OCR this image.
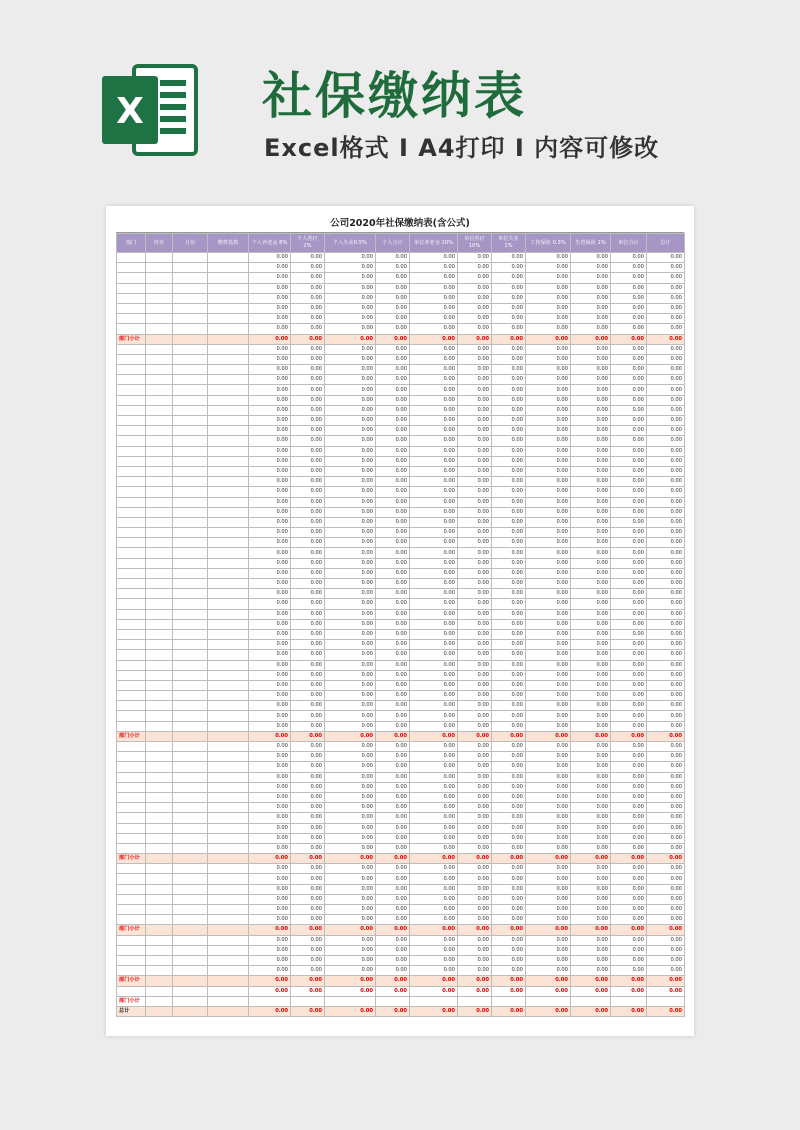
X 社保缴纳表
Excel格式 Ⅰ A4打印 Ⅰ 内容可修改
公司2020年社保缴纳表(含公式)
部门	姓名	月份	缴费基数	个人养老金 8%	个人医疗 2%	个人失业0.5%	个人合计	单位养老金 20%	单位医疗 10%	单位失业 1%	工伤保险 0.3%	生育保险 1%	单位合计	总计
				0.00	0.00	0.00	0.00	0.00	0.00	0.00	0.00	0.00	0.00	0.00
				0.00	0.00	0.00	0.00	0.00	0.00	0.00	0.00	0.00	0.00	0.00
				0.00	0.00	0.00	0.00	0.00	0.00	0.00	0.00	0.00	0.00	0.00
				0.00	0.00	0.00	0.00	0.00	0.00	0.00	0.00	0.00	0.00	0.00
				0.00	0.00	0.00	0.00	0.00	0.00	0.00	0.00	0.00	0.00	0.00
				0.00	0.00	0.00	0.00	0.00	0.00	0.00	0.00	0.00	0.00	0.00
				0.00	0.00	0.00	0.00	0.00	0.00	0.00	0.00	0.00	0.00	0.00
				0.00	0.00	0.00	0.00	0.00	0.00	0.00	0.00	0.00	0.00	0.00
部门小计				0.00	0.00	0.00	0.00	0.00	0.00	0.00	0.00	0.00	0.00	0.00
				0.00	0.00	0.00	0.00	0.00	0.00	0.00	0.00	0.00	0.00	0.00
				0.00	0.00	0.00	0.00	0.00	0.00	0.00	0.00	0.00	0.00	0.00
				0.00	0.00	0.00	0.00	0.00	0.00	0.00	0.00	0.00	0.00	0.00
				0.00	0.00	0.00	0.00	0.00	0.00	0.00	0.00	0.00	0.00	0.00
				0.00	0.00	0.00	0.00	0.00	0.00	0.00	0.00	0.00	0.00	0.00
				0.00	0.00	0.00	0.00	0.00	0.00	0.00	0.00	0.00	0.00	0.00
				0.00	0.00	0.00	0.00	0.00	0.00	0.00	0.00	0.00	0.00	0.00
				0.00	0.00	0.00	0.00	0.00	0.00	0.00	0.00	0.00	0.00	0.00
				0.00	0.00	0.00	0.00	0.00	0.00	0.00	0.00	0.00	0.00	0.00
				0.00	0.00	0.00	0.00	0.00	0.00	0.00	0.00	0.00	0.00	0.00
				0.00	0.00	0.00	0.00	0.00	0.00	0.00	0.00	0.00	0.00	0.00
				0.00	0.00	0.00	0.00	0.00	0.00	0.00	0.00	0.00	0.00	0.00
				0.00	0.00	0.00	0.00	0.00	0.00	0.00	0.00	0.00	0.00	0.00
				0.00	0.00	0.00	0.00	0.00	0.00	0.00	0.00	0.00	0.00	0.00
				0.00	0.00	0.00	0.00	0.00	0.00	0.00	0.00	0.00	0.00	0.00
				0.00	0.00	0.00	0.00	0.00	0.00	0.00	0.00	0.00	0.00	0.00
				0.00	0.00	0.00	0.00	0.00	0.00	0.00	0.00	0.00	0.00	0.00
				0.00	0.00	0.00	0.00	0.00	0.00	0.00	0.00	0.00	0.00	0.00
				0.00	0.00	0.00	0.00	0.00	0.00	0.00	0.00	0.00	0.00	0.00
				0.00	0.00	0.00	0.00	0.00	0.00	0.00	0.00	0.00	0.00	0.00
				0.00	0.00	0.00	0.00	0.00	0.00	0.00	0.00	0.00	0.00	0.00
				0.00	0.00	0.00	0.00	0.00	0.00	0.00	0.00	0.00	0.00	0.00
				0.00	0.00	0.00	0.00	0.00	0.00	0.00	0.00	0.00	0.00	0.00
				0.00	0.00	0.00	0.00	0.00	0.00	0.00	0.00	0.00	0.00	0.00
				0.00	0.00	0.00	0.00	0.00	0.00	0.00	0.00	0.00	0.00	0.00
				0.00	0.00	0.00	0.00	0.00	0.00	0.00	0.00	0.00	0.00	0.00
				0.00	0.00	0.00	0.00	0.00	0.00	0.00	0.00	0.00	0.00	0.00
				0.00	0.00	0.00	0.00	0.00	0.00	0.00	0.00	0.00	0.00	0.00
				0.00	0.00	0.00	0.00	0.00	0.00	0.00	0.00	0.00	0.00	0.00
				0.00	0.00	0.00	0.00	0.00	0.00	0.00	0.00	0.00	0.00	0.00
				0.00	0.00	0.00	0.00	0.00	0.00	0.00	0.00	0.00	0.00	0.00
				0.00	0.00	0.00	0.00	0.00	0.00	0.00	0.00	0.00	0.00	0.00
				0.00	0.00	0.00	0.00	0.00	0.00	0.00	0.00	0.00	0.00	0.00
				0.00	0.00	0.00	0.00	0.00	0.00	0.00	0.00	0.00	0.00	0.00
				0.00	0.00	0.00	0.00	0.00	0.00	0.00	0.00	0.00	0.00	0.00
				0.00	0.00	0.00	0.00	0.00	0.00	0.00	0.00	0.00	0.00	0.00
				0.00	0.00	0.00	0.00	0.00	0.00	0.00	0.00	0.00	0.00	0.00
				0.00	0.00	0.00	0.00	0.00	0.00	0.00	0.00	0.00	0.00	0.00
部门小计				0.00	0.00	0.00	0.00	0.00	0.00	0.00	0.00	0.00	0.00	0.00
				0.00	0.00	0.00	0.00	0.00	0.00	0.00	0.00	0.00	0.00	0.00
				0.00	0.00	0.00	0.00	0.00	0.00	0.00	0.00	0.00	0.00	0.00
				0.00	0.00	0.00	0.00	0.00	0.00	0.00	0.00	0.00	0.00	0.00
				0.00	0.00	0.00	0.00	0.00	0.00	0.00	0.00	0.00	0.00	0.00
				0.00	0.00	0.00	0.00	0.00	0.00	0.00	0.00	0.00	0.00	0.00
				0.00	0.00	0.00	0.00	0.00	0.00	0.00	0.00	0.00	0.00	0.00
				0.00	0.00	0.00	0.00	0.00	0.00	0.00	0.00	0.00	0.00	0.00
				0.00	0.00	0.00	0.00	0.00	0.00	0.00	0.00	0.00	0.00	0.00
				0.00	0.00	0.00	0.00	0.00	0.00	0.00	0.00	0.00	0.00	0.00
				0.00	0.00	0.00	0.00	0.00	0.00	0.00	0.00	0.00	0.00	0.00
				0.00	0.00	0.00	0.00	0.00	0.00	0.00	0.00	0.00	0.00	0.00
部门小计				0.00	0.00	0.00	0.00	0.00	0.00	0.00	0.00	0.00	0.00	0.00
				0.00	0.00	0.00	0.00	0.00	0.00	0.00	0.00	0.00	0.00	0.00
				0.00	0.00	0.00	0.00	0.00	0.00	0.00	0.00	0.00	0.00	0.00
				0.00	0.00	0.00	0.00	0.00	0.00	0.00	0.00	0.00	0.00	0.00
				0.00	0.00	0.00	0.00	0.00	0.00	0.00	0.00	0.00	0.00	0.00
				0.00	0.00	0.00	0.00	0.00	0.00	0.00	0.00	0.00	0.00	0.00
				0.00	0.00	0.00	0.00	0.00	0.00	0.00	0.00	0.00	0.00	0.00
部门小计				0.00	0.00	0.00	0.00	0.00	0.00	0.00	0.00	0.00	0.00	0.00
				0.00	0.00	0.00	0.00	0.00	0.00	0.00	0.00	0.00	0.00	0.00
				0.00	0.00	0.00	0.00	0.00	0.00	0.00	0.00	0.00	0.00	0.00
				0.00	0.00	0.00	0.00	0.00	0.00	0.00	0.00	0.00	0.00	0.00
				0.00	0.00	0.00	0.00	0.00	0.00	0.00	0.00	0.00	0.00	0.00
部门小计				0.00	0.00	0.00	0.00	0.00	0.00	0.00	0.00	0.00	0.00	0.00
				0.00	0.00	0.00	0.00	0.00	0.00	0.00	0.00	0.00	0.00	0.00
部门小计														
总计				0.00	0.00	0.00	0.00	0.00	0.00	0.00	0.00	0.00	0.00	0.00
